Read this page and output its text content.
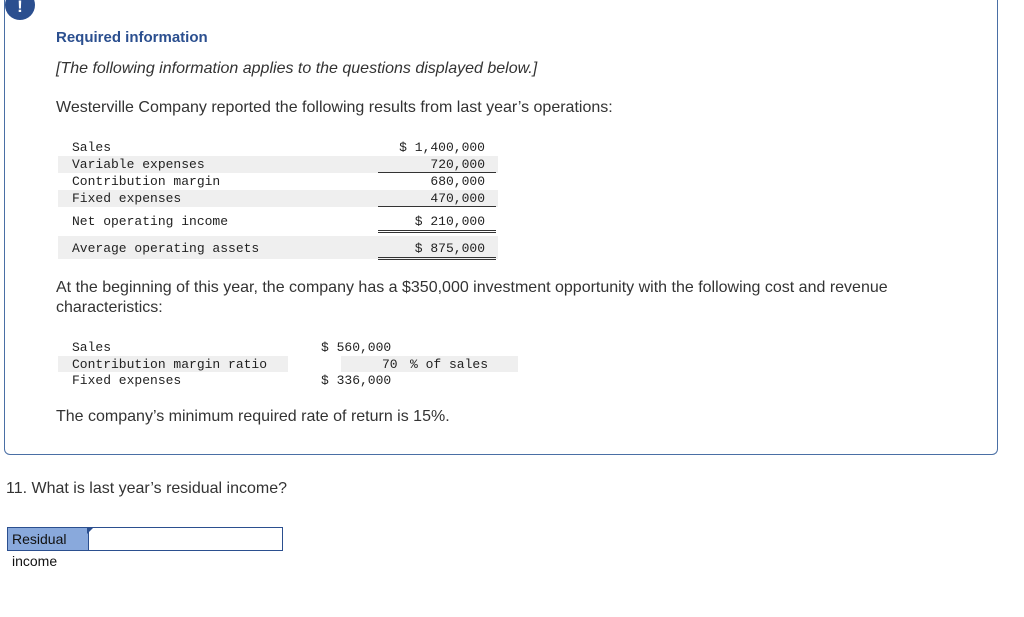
!
Required information
[The following information applies to the questions displayed below.]
Westerville Company reported the following results from last year’s operations:
Sales	$ 1,400,000
Variable expenses	720,000
Contribution margin	680,000
Fixed expenses	470,000
Net operating income	$ 210,000
Average operating assets	$ 875,000
At the beginning of this year, the company has a $350,000 investment opportunity with the following cost and revenue characteristics:
Sales	$ 560,000
Contribution margin ratio	70 % of sales
Fixed expenses	$ 336,000
The company’s minimum required rate of return is 15%.
11. What is last year’s residual income?
Residual income
